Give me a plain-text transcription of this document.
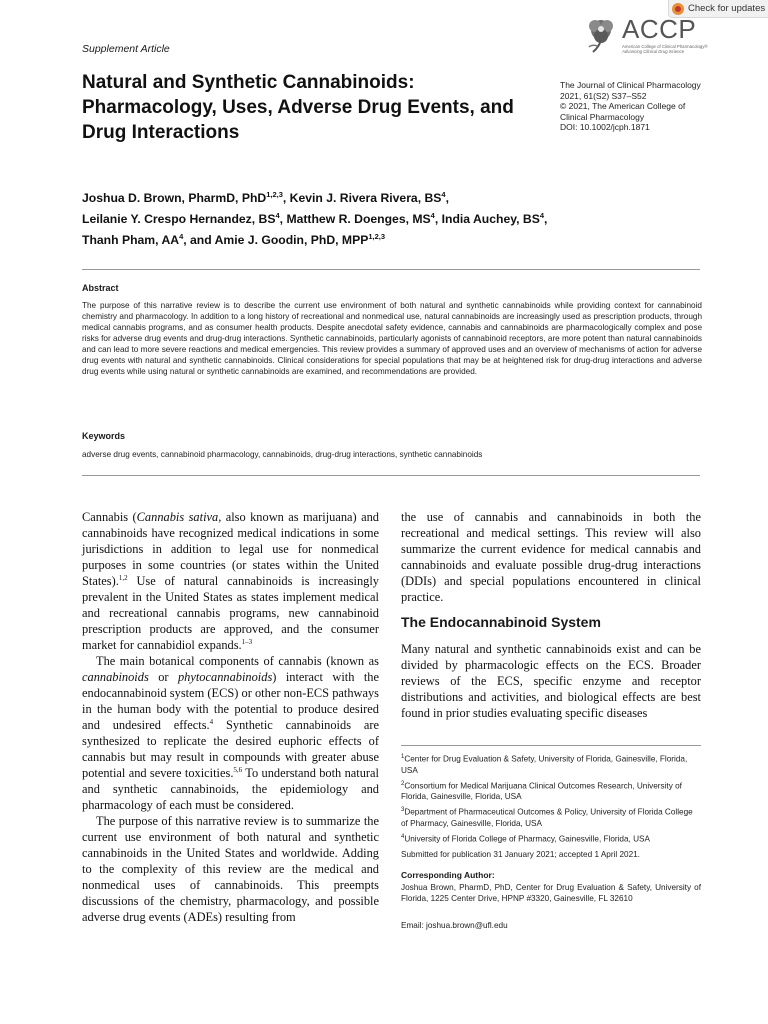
Check for updates
ACCP
American College of Clinical Pharmacology®
Advancing Clinical Drug Science
Supplement Article
Natural and Synthetic Cannabinoids: Pharmacology, Uses, Adverse Drug Events, and Drug Interactions
The Journal of Clinical Pharmacology
2021, 61(S2) S37–S52
© 2021, The American College of Clinical Pharmacology
DOI: 10.1002/jcph.1871
Joshua D. Brown, PharmD, PhD$^{1,2,3}$, Kevin J. Rivera Rivera, $BS^4$,
Leilanie Y. Crespo Hernandez, $BS^4$, Matthew R. Doenges, $MS^4$, India Auchey, $BS^4$,
Thanh Pham, $AA^4$, and Amie J. Goodin, PhD, MPP$^{1,2,3}$
Abstract

The purpose of this narrative review is to describe the current use environment of both natural and synthetic cannabinoids while providing context for cannabinoid chemistry and pharmacology. In addition to a long history of recreational and nonmedical use, natural cannabinoids are increasingly used as prescription products, through medical cannabis programs, and as consumer health products. Despite anecdotal safety evidence, cannabis and cannabinoids are pharmacologically complex and pose risks for adverse drug events and drug-drug interactions. Synthetic cannabinoids, particularly agonists of cannabinoid receptors, are more potent than natural cannabinoids and can lead to more severe reactions and medical emergencies. This review provides a summary of approved uses and an overview of mechanisms of action for adverse drug events with natural and synthetic cannabinoids. Clinical considerations for special populations that may be at heightened risk for drug-drug interactions and adverse drug events while using natural or synthetic cannabinoids are examined, and recommendations are provided.

Keywords
adverse drug events, cannabinoid pharmacology, cannabinoids, drug-drug interactions, synthetic cannabinoids

Cannabis (Cannabis sativa, also known as marijuana) and cannabinoids have recognized medical indications in some jurisdictions in addition to legal use for nonmedical purposes in some countries (or states within the United States).$^{1,2}$ Use of natural cannabinoids is increasingly prevalent in the United States as states implement medical and recreational cannabis programs, new cannabinoid prescription products are approved, and the consumer market for cannabidiol expands.$^{1-3}$

The main botanical components of cannabis (known as cannabinoids or phytocannabinoids) interact with the endocannabinoid system (ECS) or other non-ECS pathways in the human body with the potential to produce desired and undesired effects.$^4$ Synthetic cannabinoids are synthesized to replicate the desired euphoric effects of cannabis but may result in compounds with greater abuse potential and severe toxicities.$^{5,6}$ To understand both natural and synthetic cannabinoids, the epidemiology and pharmacology of each must be considered.

The purpose of this narrative review is to summarize the current use environment of both natural and synthetic cannabinoids in the United States and worldwide. Adding to the complexity of this review are the medical and nonmedical uses of cannabinoids. This preempts discussions of the chemistry, pharmacology, and possible adverse drug events (ADEs) resulting from

the use of cannabis and cannabinoids in both the recreational and medical settings. This review will also summarize the current evidence for medical cannabis and cannabinoids and evaluate possible drug-drug interactions (DDIs) and special populations encountered in clinical practice.

The Endocannabinoid System

Many natural and synthetic cannabinoids exist and can be divided by pharmacologic effects on the ECS. Broader reviews of the ECS, specific enzyme and receptor distributions and activities, and biological effects are best found in prior studies evaluating specific diseases

$^1$Center for Drug Evaluation & Safety, University of Florida, Gainesville, Florida, USA

$^2$Consortium for Medical Marijuana Clinical Outcomes Research, University of Florida, Gainesville, Florida, USA

$^3$Department of Pharmaceutical Outcomes & Policy, University of Florida College of Pharmacy, Gainesville, Florida, USA

$^4$University of Florida College of Pharmacy, Gainesville, Florida, USA

Submitted for publication 31 January 2021; accepted 1 April 2021.
Corresponding Author:

Joshua Brown, PharmD, PhD, Center for Drug Evaluation & Safety, University of Florida, 1225 Center Drive, HPNP #3320, Gainesville, FL 32610

Email: joshua.brown@ufl.edu
